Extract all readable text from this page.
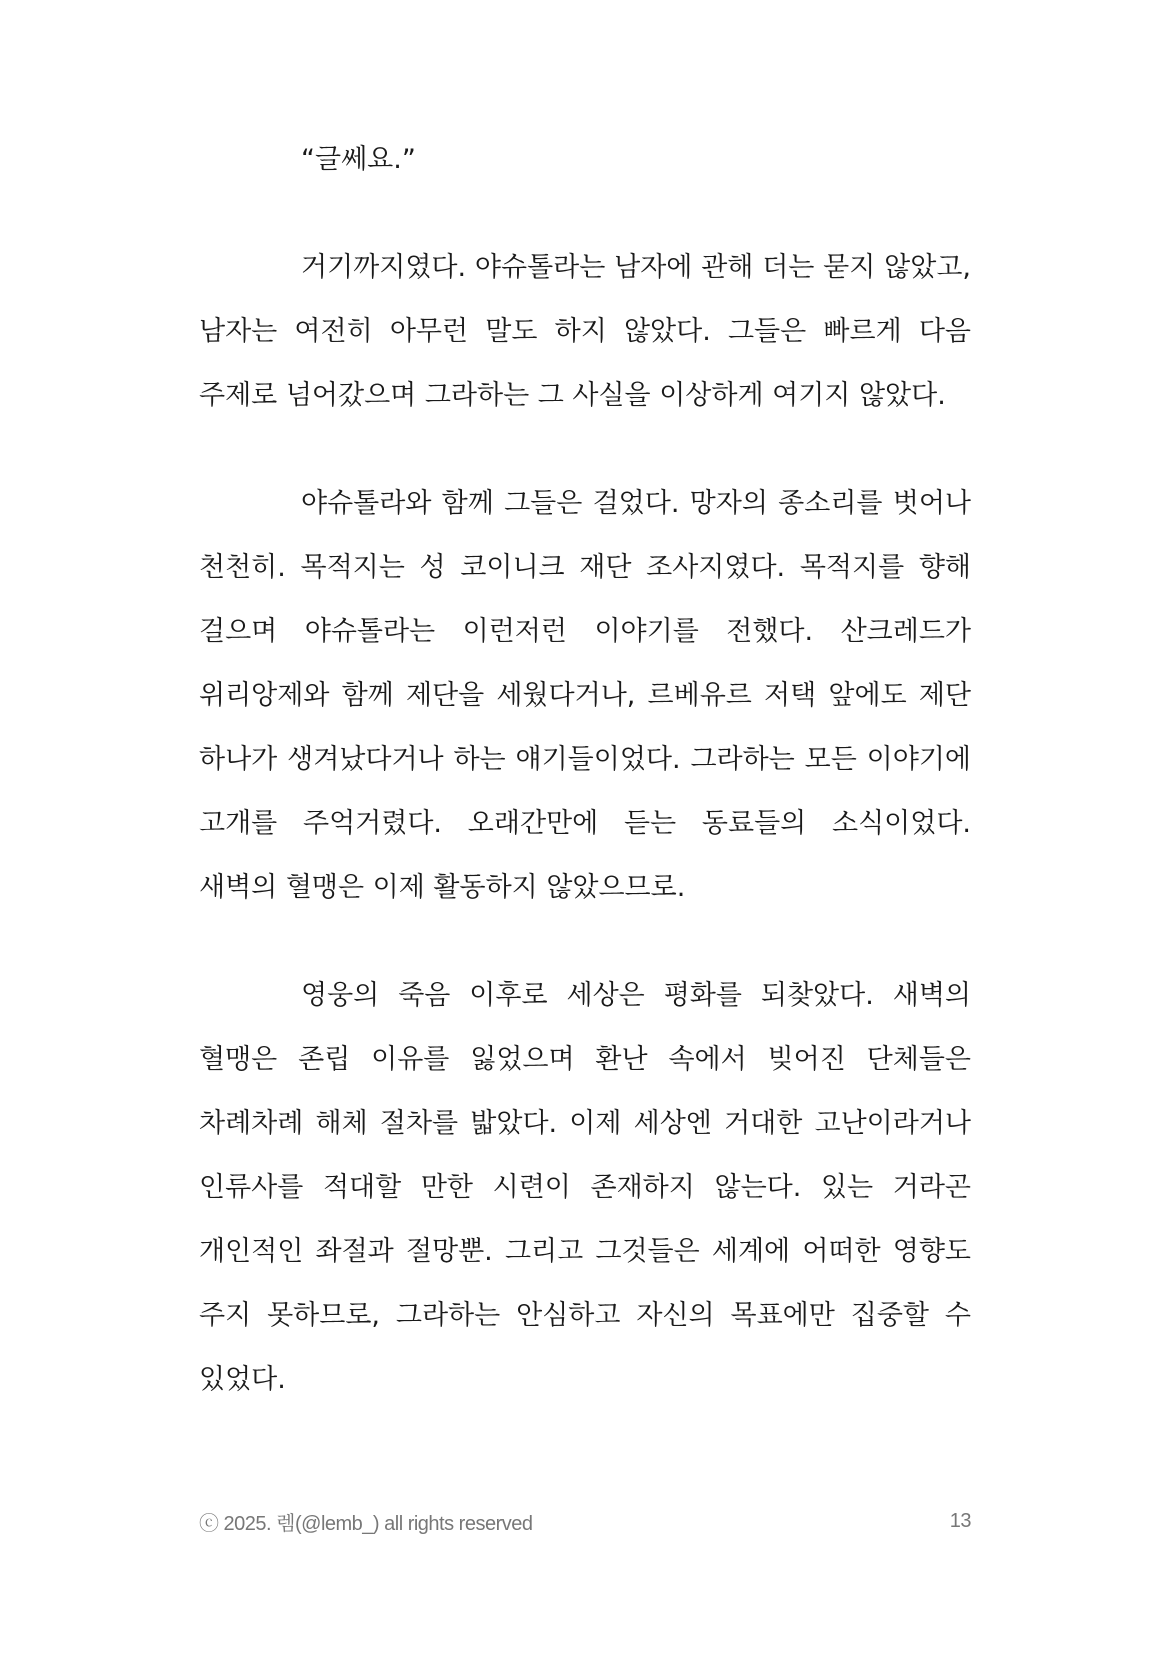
“글쎄요.”

거기까지였다. 야슈톨라는 남자에 관해 더는 묻지 않았고, 남자는 여전히 아무런 말도 하지 않았다. 그들은 빠르게 다음 주제로 넘어갔으며 그라하는 그 사실을 이상하게 여기지 않았다.

야슈톨라와 함께 그들은 걸었다. 망자의 종소리를 벗어나 천천히. 목적지는 성 코이니크 재단 조사지였다. 목적지를 향해 걸으며 야슈톨라는 이런저런 이야기를 전했다. 산크레드가 위리앙제와 함께 제단을 세웠다거나, 르베유르 저택 앞에도 제단 하나가 생겨났다거나 하는 얘기들이었다. 그라하는 모든 이야기에 고개를 주억거렸다. 오래간만에 듣는 동료들의 소식이었다. 새벽의 혈맹은 이제 활동하지 않았으므로.

영웅의 죽음 이후로 세상은 평화를 되찾았다. 새벽의 혈맹은 존립 이유를 잃었으며 환난 속에서 빚어진 단체들은 차례차례 해체 절차를 밟았다. 이제 세상엔 거대한 고난이라거나 인류사를 적대할 만한 시련이 존재하지 않는다. 있는 거라곤 개인적인 좌절과 절망뿐. 그리고 그것들은 세계에 어떠한 영향도 주지 못하므로, 그라하는 안심하고 자신의 목표에만 집중할 수 있었다.

ⓒ 2025. 렘(@lemb_) all rights reserved	13
